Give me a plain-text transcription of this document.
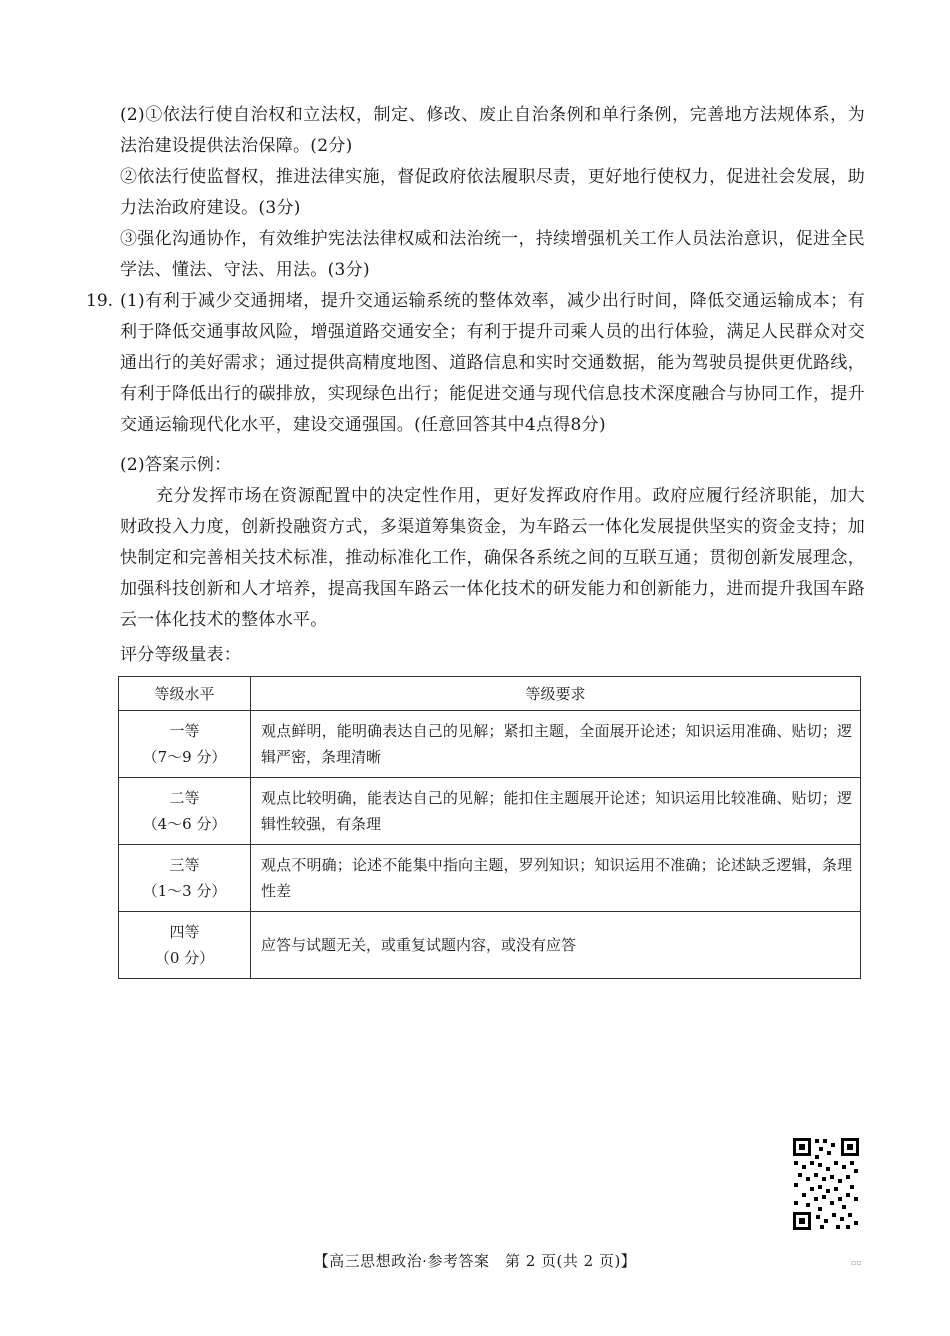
(2)①依法行使自治权和立法权，制定、修改、废止自治条例和单行条例，完善地方法规体系，为法治建设提供法治保障。(2分)
②依法行使监督权，推进法律实施，督促政府依法履职尽责，更好地行使权力，促进社会发展，助力法治政府建设。(3分)
③强化沟通协作，有效维护宪法法律权威和法治统一，持续增强机关工作人员法治意识，促进全民学法、懂法、守法、用法。(3分)
19. (1)有利于减少交通拥堵，提升交通运输系统的整体效率，减少出行时间，降低交通运输成本；有利于降低交通事故风险，增强道路交通安全；有利于提升司乘人员的出行体验，满足人民群众对交通出行的美好需求；通过提供高精度地图、道路信息和实时交通数据，能为驾驶员提供更优路线，有利于降低出行的碳排放，实现绿色出行；能促进交通与现代信息技术深度融合与协同工作，提升交通运输现代化水平，建设交通强国。(任意回答其中4点得8分)
(2)答案示例：
充分发挥市场在资源配置中的决定性作用，更好发挥政府作用。政府应履行经济职能，加大财政投入力度，创新投融资方式，多渠道筹集资金，为车路云一体化发展提供坚实的资金支持；加快制定和完善相关技术标准，推动标准化工作，确保各系统之间的互联互通；贯彻创新发展理念，加强科技创新和人才培养，提高我国车路云一体化技术的研发能力和创新能力，进而提升我国车路云一体化技术的整体水平。
评分等级量表：
等级水平	等级要求

一等
（7～9 分）	观点鲜明，能明确表达自己的见解；紧扣主题，全面展开论述；知识运用准确、贴切；逻辑严密，条理清晰

二等
（4～6 分）	观点比较明确，能表达自己的见解；能扣住主题展开论述；知识运用比较准确、贴切；逻辑性较强，有条理

三等
（1～3 分）	观点不明确；论述不能集中指向主题，罗列知识；知识运用不准确；论述缺乏逻辑，条理性差

四等
（0 分）	应答与试题无关，或重复试题内容，或没有应答
【高三思想政治·参考答案　第 2 页(共 2 页)】	▫▫
